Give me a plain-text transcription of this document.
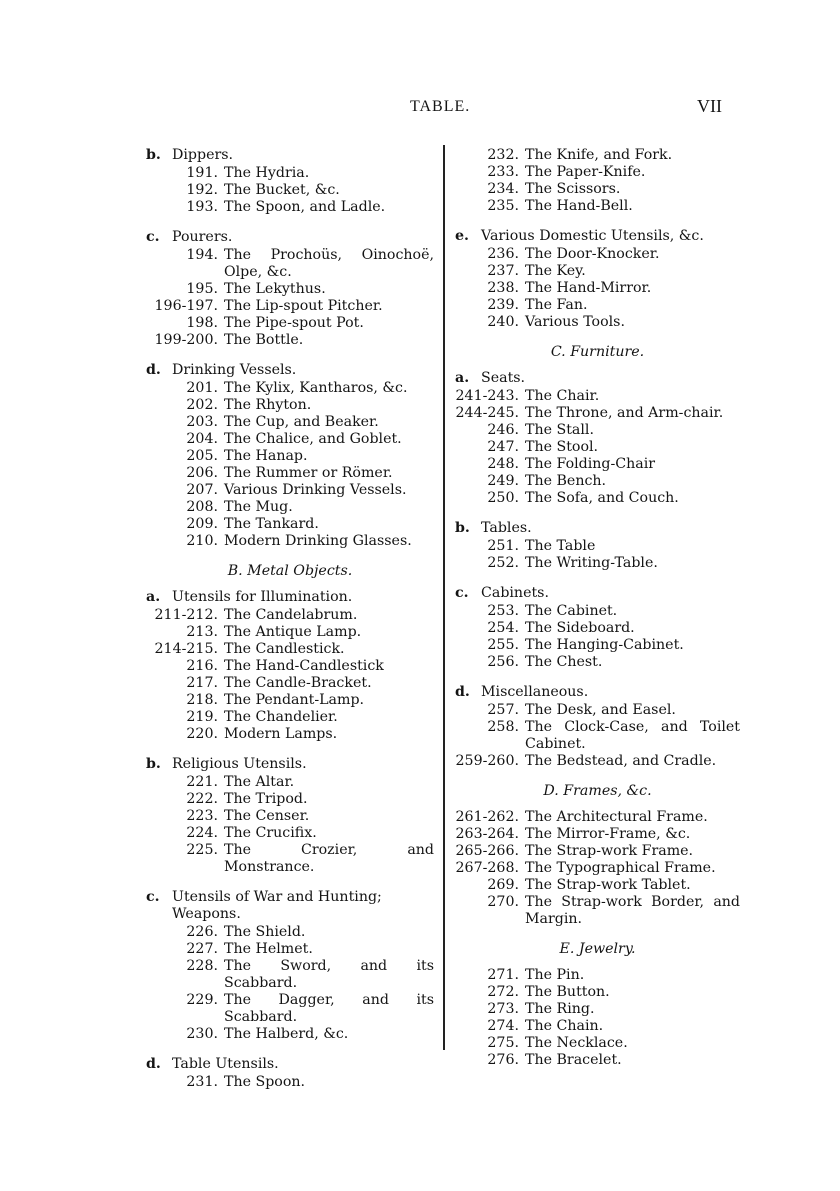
TABLE.	VII
b. Dippers.
191. The Hydria.
192. The Bucket, &c.
193. The Spoon, and Ladle.
c. Pourers.
194. The Prochoüs, Oinochoë, Olpe, &c.
195. The Lekythus.
196-197. The Lip-spout Pitcher.
198. The Pipe-spout Pot.
199-200. The Bottle.
d. Drinking Vessels.
201. The Kylix, Kantharos, &c.
202. The Rhyton.
203. The Cup, and Beaker.
204. The Chalice, and Goblet.
205. The Hanap.
206. The Rummer or Römer.
207. Various Drinking Vessels.
208. The Mug.
209. The Tankard.
210. Modern Drinking Glasses.
B. Metal Objects.
a. Utensils for Illumination.
211-212. The Candelabrum.
213. The Antique Lamp.
214-215. The Candlestick.
216. The Hand-Candlestick
217. The Candle-Bracket.
218. The Pendant-Lamp.
219. The Chandelier.
220. Modern Lamps.
b. Religious Utensils.
221. The Altar.
222. The Tripod.
223. The Censer.
224. The Crucifix.
225. The Crozier, and Monstrance.
c. Utensils of War and Hunting; Weapons.
226. The Shield.
227. The Helmet.
228. The Sword, and its Scabbard.
229. The Dagger, and its Scabbard.
230. The Halberd, &c.
d. Table Utensils.
231. The Spoon.
232. The Knife, and Fork.
233. The Paper-Knife.
234. The Scissors.
235. The Hand-Bell.
e. Various Domestic Utensils, &c.
236. The Door-Knocker.
237. The Key.
238. The Hand-Mirror.
239. The Fan.
240. Various Tools.
C. Furniture.
a. Seats.
241-243. The Chair.
244-245. The Throne, and Arm-chair.
246. The Stall.
247. The Stool.
248. The Folding-Chair
249. The Bench.
250. The Sofa, and Couch.
b. Tables.
251. The Table
252. The Writing-Table.
c. Cabinets.
253. The Cabinet.
254. The Sideboard.
255. The Hanging-Cabinet.
256. The Chest.
d. Miscellaneous.
257. The Desk, and Easel.
258. The Clock-Case, and Toilet Cabinet.
259-260. The Bedstead, and Cradle.
D. Frames, &c.
261-262. The Architectural Frame.
263-264. The Mirror-Frame, &c.
265-266. The Strap-work Frame.
267-268. The Typographical Frame.
269. The Strap-work Tablet.
270. The Strap-work Border, and Margin.
E. Jewelry.
271. The Pin.
272. The Button.
273. The Ring.
274. The Chain.
275. The Necklace.
276. The Bracelet.
